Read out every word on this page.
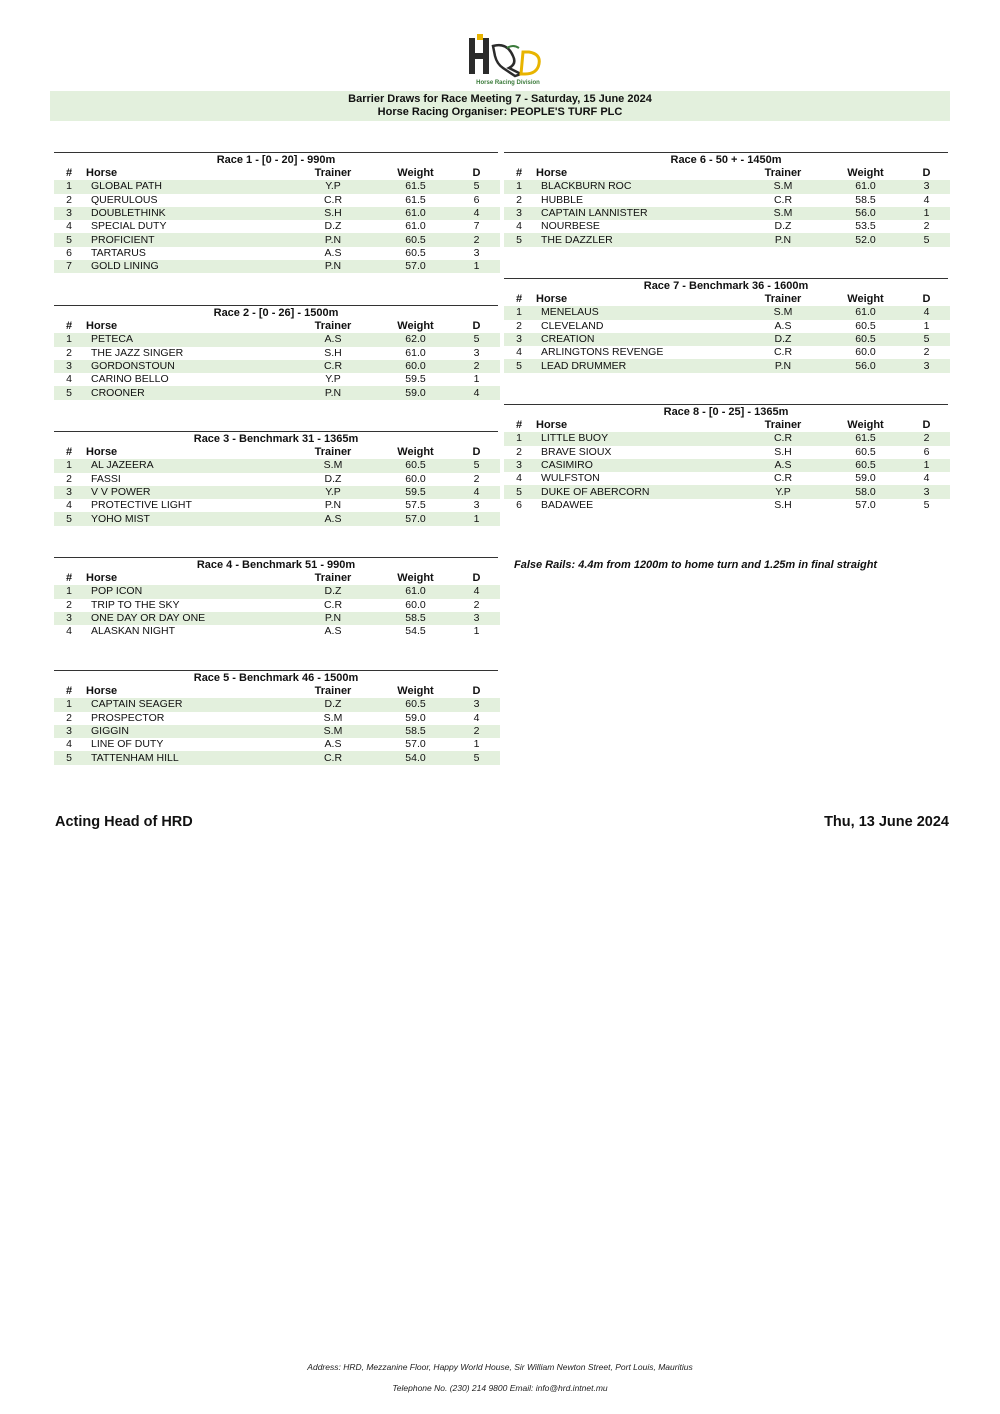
Horse Racing Division
Barrier Draws for Race Meeting 7 - Saturday, 15 June 2024
Horse Racing Organiser: PEOPLE'S TURF PLC
Race 1 - [0 - 20] - 990m
#	Horse	Trainer	Weight	D
1	GLOBAL PATH	Y.P	61.5	5
2	QUERULOUS	C.R	61.5	6
3	DOUBLETHINK	S.H	61.0	4
4	SPECIAL DUTY	D.Z	61.0	7
5	PROFICIENT	P.N	60.5	2
6	TARTARUS	A.S	60.5	3
7	GOLD LINING	P.N	57.0	1
Race 2 - [0 - 26] - 1500m
#	Horse	Trainer	Weight	D
1	PETECA	A.S	62.0	5
2	THE JAZZ SINGER	S.H	61.0	3
3	GORDONSTOUN	C.R	60.0	2
4	CARINO BELLO	Y.P	59.5	1
5	CROONER	P.N	59.0	4
Race 3 - Benchmark 31 - 1365m
#	Horse	Trainer	Weight	D
1	AL JAZEERA	S.M	60.5	5
2	FASSI	D.Z	60.0	2
3	V V POWER	Y.P	59.5	4
4	PROTECTIVE LIGHT	P.N	57.5	3
5	YOHO MIST	A.S	57.0	1
Race 4 - Benchmark 51 - 990m
#	Horse	Trainer	Weight	D
1	POP ICON	D.Z	61.0	4
2	TRIP TO THE SKY	C.R	60.0	2
3	ONE DAY OR DAY ONE	P.N	58.5	3
4	ALASKAN NIGHT	A.S	54.5	1
Race 5 - Benchmark 46 - 1500m
#	Horse	Trainer	Weight	D
1	CAPTAIN SEAGER	D.Z	60.5	3
2	PROSPECTOR	S.M	59.0	4
3	GIGGIN	S.M	58.5	2
4	LINE OF DUTY	A.S	57.0	1
5	TATTENHAM HILL	C.R	54.0	5
Race 6 - 50 + - 1450m
#	Horse	Trainer	Weight	D
1	BLACKBURN ROC	S.M	61.0	3
2	HUBBLE	C.R	58.5	4
3	CAPTAIN LANNISTER	S.M	56.0	1
4	NOURBESE	D.Z	53.5	2
5	THE DAZZLER	P.N	52.0	5
Race 7 - Benchmark 36 - 1600m
#	Horse	Trainer	Weight	D
1	MENELAUS	S.M	61.0	4
2	CLEVELAND	A.S	60.5	1
3	CREATION	D.Z	60.5	5
4	ARLINGTONS REVENGE	C.R	60.0	2
5	LEAD DRUMMER	P.N	56.0	3
Race 8 - [0 - 25] - 1365m
#	Horse	Trainer	Weight	D
1	LITTLE BUOY	C.R	61.5	2
2	BRAVE SIOUX	S.H	60.5	6
3	CASIMIRO	A.S	60.5	1
4	WULFSTON	C.R	59.0	4
5	DUKE OF ABERCORN	Y.P	58.0	3
6	BADAWEE	S.H	57.0	5
False Rails: 4.4m from 1200m to home turn and 1.25m in final straight
Acting Head of HRD	Thu, 13 June 2024
Address: HRD, Mezzanine Floor, Happy World House, Sir William Newton Street, Port Louis, Mauritius
Telephone No. (230) 214 9800 Email: info@hrd.intnet.mu
